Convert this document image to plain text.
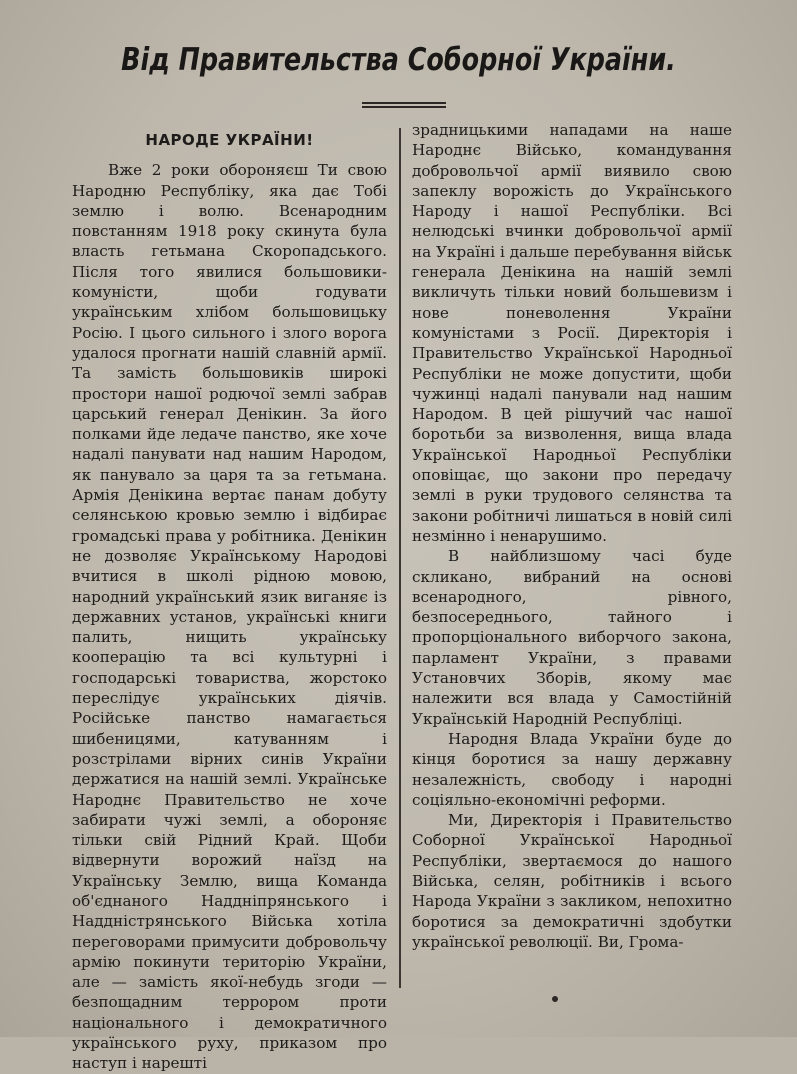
Від Правительства Соборної України.
НАРОДЕ УКРАЇНИ!

Вже 2 роки обороняєш Ти свою Народню Республіку, яка дає Тобі землю і волю. Всенародним повстанням 1918 року скинута була власть гетьмана Скоропадського. Після того явилися большовики-комуністи, щоби годувати українським хлібом большовицьку Росію. І цього сильного і злого ворога удалося прогнати нашій славній армії. Та замість большовиків широкі простори нашої родючої землі забрав царський генерал Денікин. За його полками йде ледаче панство, яке хоче надалі панувати над нашим Народом, як панувало за царя та за гетьмана. Армія Денікина вертає панам добуту селянською кровью землю і відбирає громадські права у робітника. Денікин не дозволяє Українському Народові вчитися в школі рідною мовою, народний український язик виганяє із державних установ, українські книги палить, нищить українську кооперацію та всі культурні і господарські товариства, жорстоко переслідує українських діячів. Російське панство намагається шибеницями, катуванням і розстрілами вірних синів України держатися на нашій землі. Українське Народнє Правительство не хоче забирати чужі землі, а обороняє тільки свій Рідний Край. Щоби відвернути ворожий наїзд на Українську Землю, вища Команда об'єднаного Наддніпрянського і Наддністрянського Війська хотіла переговорами примусити добровольчу армію покинути територію України, але — замість якої-небудь згоди — безпощадним террором проти національного і демократичного українського руху, приказом про наступ і нарешті

зрадницькими нападами на наше Народнє Військо, командування добровольчої армії виявило свою запеклу ворожість до Українського Народу і нашої Республіки. Всі нелюдські вчинки добровольчої армії на Україні і дальше перебування військ генерала Денікина на нашій землі викличуть тільки новий большевизм і нове поневолення України комуністами з Росії. Директорія і Правительство Української Народньої Республіки не може допустити, щоби чужинці надалі панували над нашим Народом. В цей рішучий час нашої боротьби за визволення, вища влада Української Народньої Республіки оповіщає, що закони про передачу землі в руки трудового селянства та закони робітничі лишаться в новій силі незмінно і ненарушимо.

В найблизшому часі буде скликано, вибраний на основі всенародного, рівного, безпосереднього, тайного і пропорціонального виборчого закона, парламент України, з правами Установчих Зборів, якому має належити вся влада у Самостійній Українській Народній Республіці.

Народня Влада України буде до кінця боротися за нашу державну незалежність, свободу і народні соціяльно-економічні реформи.

Ми, Директорія і Правительство Соборної Української Народньої Республіки, звертаємося до нашого Війська, селян, робітників і всього Народа України з закликом, непохитно боротися за демократичні здобутки української революції. Ви, Грома-
